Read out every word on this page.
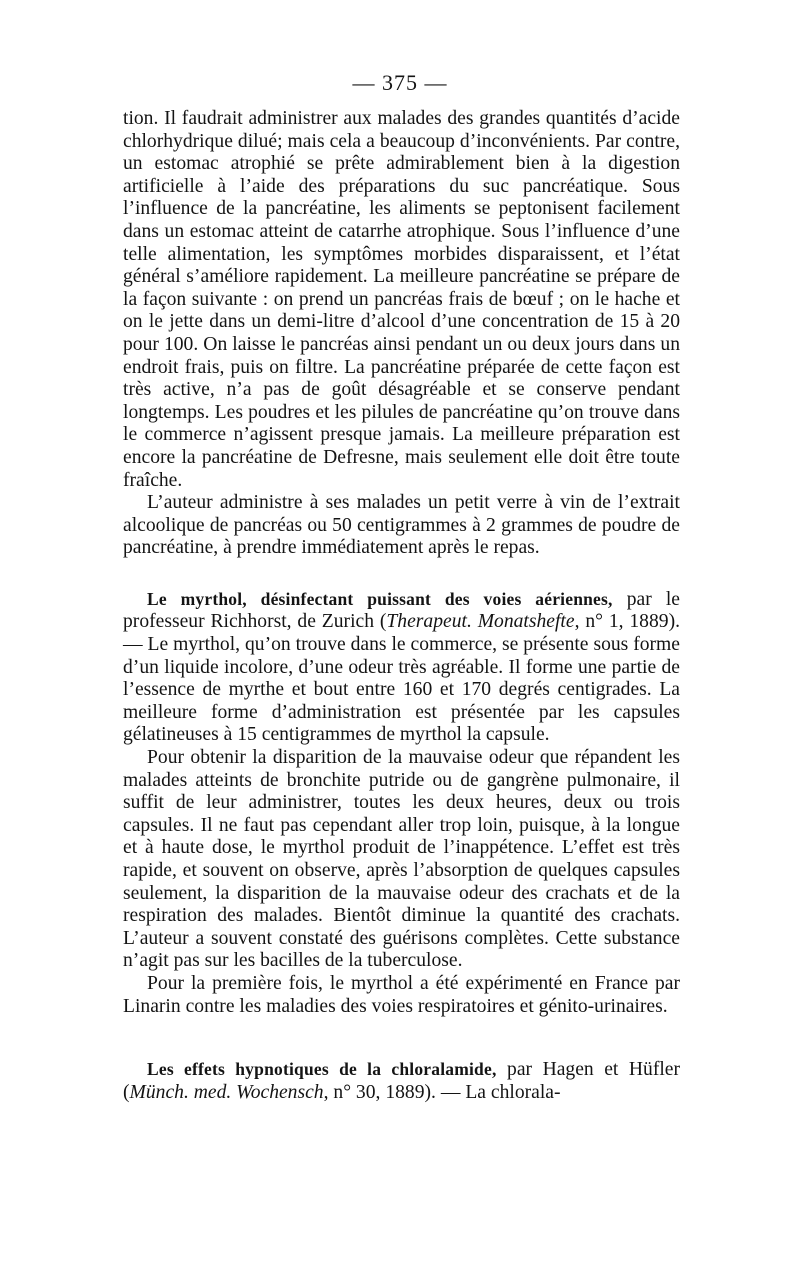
— 375 —

tion. Il faudrait administrer aux malades des grandes quantités d’acide chlorhydrique dilué; mais cela a beaucoup d’inconvénients. Par contre, un estomac atrophié se prête admirablement bien à la digestion artificielle à l’aide des préparations du suc pancréatique. Sous l’influence de la pancréatine, les aliments se peptonisent facilement dans un estomac atteint de catarrhe atrophique. Sous l’influence d’une telle alimentation, les symptômes morbides disparaissent, et l’état général s’améliore rapidement. La meilleure pancréatine se prépare de la façon suivante : on prend un pancréas frais de bœuf ; on le hache et on le jette dans un demi-litre d’alcool d’une concentration de 15 à 20 pour 100. On laisse le pancréas ainsi pendant un ou deux jours dans un endroit frais, puis on filtre. La pancréatine préparée de cette façon est très active, n’a pas de goût désagréable et se conserve pendant longtemps. Les poudres et les pilules de pancréatine qu’on trouve dans le commerce n’agissent presque jamais. La meilleure préparation est encore la pancréatine de Defresne, mais seulement elle doit être toute fraîche.

L’auteur administre à ses malades un petit verre à vin de l’extrait alcoolique de pancréas ou 50 centigrammes à 2 grammes de poudre de pancréatine, à prendre immédiatement après le repas.

Le myrthol, désinfectant puissant des voies aériennes, par le professeur Richhorst, de Zurich (Therapeut. Monatshefte, n° 1, 1889).— Le myrthol, qu’on trouve dans le commerce, se présente sous forme d’un liquide incolore, d’une odeur très agréable. Il forme une partie de l’essence de myrthe et bout entre 160 et 170 degrés centigrades. La meilleure forme d’administration est présentée par les capsules gélatineuses à 15 centigrammes de myrthol la capsule.

Pour obtenir la disparition de la mauvaise odeur que répandent les malades atteints de bronchite putride ou de gangrène pulmonaire, il suffit de leur administrer, toutes les deux heures, deux ou trois capsules. Il ne faut pas cependant aller trop loin, puisque, à la longue et à haute dose, le myrthol produit de l’inappétence. L’effet est très rapide, et souvent on observe, après l’absorption de quelques capsules seulement, la disparition de la mauvaise odeur des crachats et de la respiration des malades. Bientôt diminue la quantité des crachats. L’auteur a souvent constaté des guérisons complètes. Cette substance n’agit pas sur les bacilles de la tuberculose.

Pour la première fois, le myrthol a été expérimenté en France par Linarin contre les maladies des voies respiratoires et génito-urinaires.

Les effets hypnotiques de la chloralamide, par Hagen et Hüfler (Münch. med. Wochensch, n° 30, 1889). — La chlorala-
